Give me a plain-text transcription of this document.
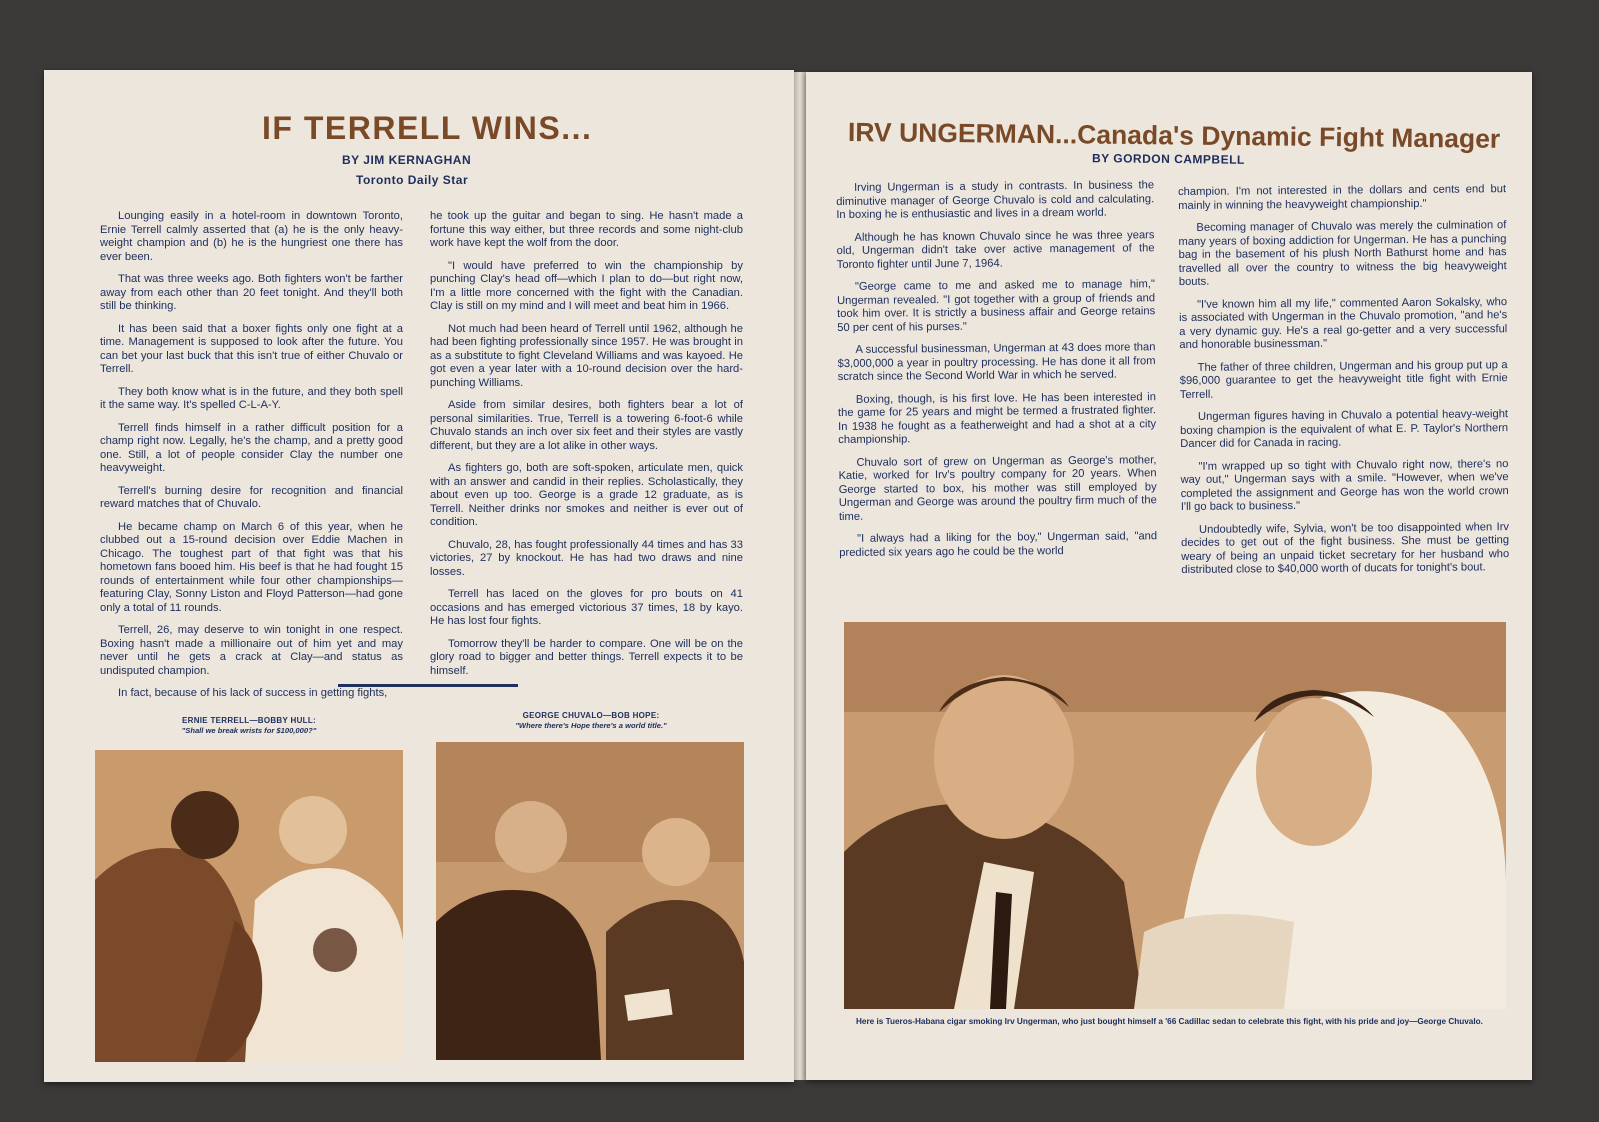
IF TERRELL WINS...
BY JIM KERNAGHAN
Toronto Daily Star

Lounging easily in a hotel-room in downtown Toronto, Ernie Terrell calmly asserted that (a) he is the only heavy-weight champion and (b) he is the hungriest one there has ever been.

That was three weeks ago. Both fighters won't be farther away from each other than 20 feet tonight. And they'll both still be thinking.

It has been said that a boxer fights only one fight at a time. Management is supposed to look after the future. You can bet your last buck that this isn't true of either Chuvalo or Terrell.

They both know what is in the future, and they both spell it the same way. It's spelled C-L-A-Y.

Terrell finds himself in a rather difficult position for a champ right now. Legally, he's the champ, and a pretty good one. Still, a lot of people consider Clay the number one heavyweight.

Terrell's burning desire for recognition and financial reward matches that of Chuvalo.

He became champ on March 6 of this year, when he clubbed out a 15-round decision over Eddie Machen in Chicago. The toughest part of that fight was that his hometown fans booed him. His beef is that he had fought 15 rounds of entertainment while four other championships—featuring Clay, Sonny Liston and Floyd Patterson—had gone only a total of 11 rounds.

Terrell, 26, may deserve to win tonight in one respect. Boxing hasn't made a millionaire out of him yet and may never until he gets a crack at Clay—and status as undisputed champion.

In fact, because of his lack of success in getting fights,

he took up the guitar and began to sing. He hasn't made a fortune this way either, but three records and some night-club work have kept the wolf from the door.

"I would have preferred to win the championship by punching Clay's head off—which I plan to do—but right now, I'm a little more concerned with the fight with the Canadian. Clay is still on my mind and I will meet and beat him in 1966.

Not much had been heard of Terrell until 1962, although he had been fighting professionally since 1957. He was brought in as a substitute to fight Cleveland Williams and was kayoed. He got even a year later with a 10-round decision over the hard-punching Williams.

Aside from similar desires, both fighters bear a lot of personal similarities. True, Terrell is a towering 6-foot-6 while Chuvalo stands an inch over six feet and their styles are vastly different, but they are a lot alike in other ways.

As fighters go, both are soft-spoken, articulate men, quick with an answer and candid in their replies. Scholastically, they about even up too. George is a grade 12 graduate, as is Terrell. Neither drinks nor smokes and neither is ever out of condition.

Chuvalo, 28, has fought professionally 44 times and has 33 victories, 27 by knockout. He has had two draws and nine losses.

Terrell has laced on the gloves for pro bouts on 41 occasions and has emerged victorious 37 times, 18 by kayo. He has lost four fights.

Tomorrow they'll be harder to compare. One will be on the glory road to bigger and better things. Terrell expects it to be himself.

ERNIE TERRELL—BOBBY HULL:
"Shall we break wrists for $100,000?"
GEORGE CHUVALO—BOB HOPE:
"Where there's Hope there's a world title."
IRV UNGERMAN...Canada's Dynamic Fight Manager
BY GORDON CAMPBELL

Irving Ungerman is a study in contrasts. In business the diminutive manager of George Chuvalo is cold and calculating. In boxing he is enthusiastic and lives in a dream world.

Although he has known Chuvalo since he was three years old, Ungerman didn't take over active management of the Toronto fighter until June 7, 1964.

"George came to me and asked me to manage him," Ungerman revealed. "I got together with a group of friends and took him over. It is strictly a business affair and George retains 50 per cent of his purses."

A successful businessman, Ungerman at 43 does more than $3,000,000 a year in poultry processing. He has done it all from scratch since the Second World War in which he served.

Boxing, though, is his first love. He has been interested in the game for 25 years and might be termed a frustrated fighter. In 1938 he fought as a featherweight and had a shot at a city championship.

Chuvalo sort of grew on Ungerman as George's mother, Katie, worked for Irv's poultry company for 20 years. When George started to box, his mother was still employed by Ungerman and George was around the poultry firm much of the time.

"I always had a liking for the boy," Ungerman said, "and predicted six years ago he could be the world

champion. I'm not interested in the dollars and cents end but mainly in winning the heavyweight championship."

Becoming manager of Chuvalo was merely the culmination of many years of boxing addiction for Ungerman. He has a punching bag in the basement of his plush North Bathurst home and has travelled all over the country to witness the big heavyweight bouts.

"I've known him all my life," commented Aaron Sokalsky, who is associated with Ungerman in the Chuvalo promotion, "and he's a very dynamic guy. He's a real go-getter and a very successful and honorable businessman."

The father of three children, Ungerman and his group put up a $96,000 guarantee to get the heavyweight title fight with Ernie Terrell.

Ungerman figures having in Chuvalo a potential heavy-weight boxing champion is the equivalent of what E. P. Taylor's Northern Dancer did for Canada in racing.

"I'm wrapped up so tight with Chuvalo right now, there's no way out," Ungerman says with a smile. "However, when we've completed the assignment and George has won the world crown I'll go back to business."

Undoubtedly wife, Sylvia, won't be too disappointed when Irv decides to get out of the fight business. She must be getting weary of being an unpaid ticket secretary for her husband who distributed close to $40,000 worth of ducats for tonight's bout.

Here is Tueros-Habana cigar smoking Irv Ungerman, who just bought himself a '66 Cadillac sedan to celebrate this fight, with his pride and joy—George Chuvalo.
